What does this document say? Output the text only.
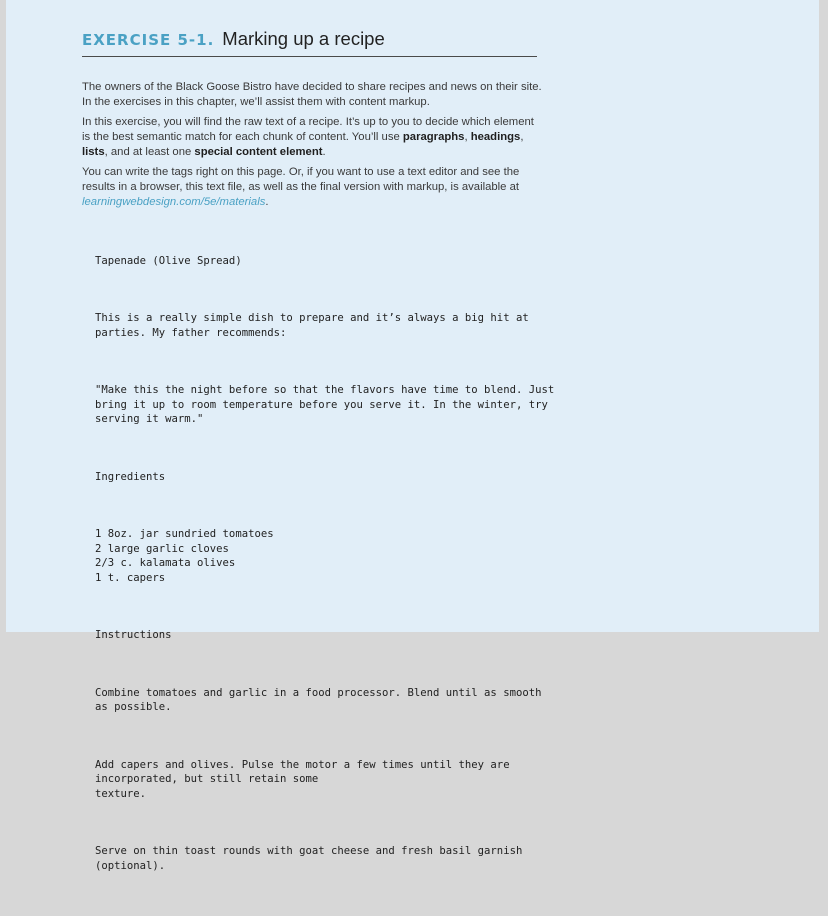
EXERCISE 5-1. Marking up a recipe

The owners of the Black Goose Bistro have decided to share recipes and news on their site. In the exercises in this chapter, we’ll assist them with content markup.

In this exercise, you will find the raw text of a recipe. It’s up to you to decide which element is the best semantic match for each chunk of content. You’ll use paragraphs, headings, lists, and at least one special content element.

You can write the tags right on this page. Or, if you want to use a text editor and see the results in a browser, this text file, as well as the final version with markup, is available at learningwebdesign.com/5e/materials.

Tapenade (Olive Spread)

This is a really simple dish to prepare and it’s always a big hit at
parties. My father recommends:

"Make this the night before so that the flavors have time to blend. Just
bring it up to room temperature before you serve it. In the winter, try
serving it warm."

Ingredients

1 8oz. jar sundried tomatoes
2 large garlic cloves
2/3 c. kalamata olives
1 t. capers

Instructions

Combine tomatoes and garlic in a food processor. Blend until as smooth
as possible.

Add capers and olives. Pulse the motor a few times until they are
incorporated, but still retain some
texture.

Serve on thin toast rounds with goat cheese and fresh basil garnish
(optional).
